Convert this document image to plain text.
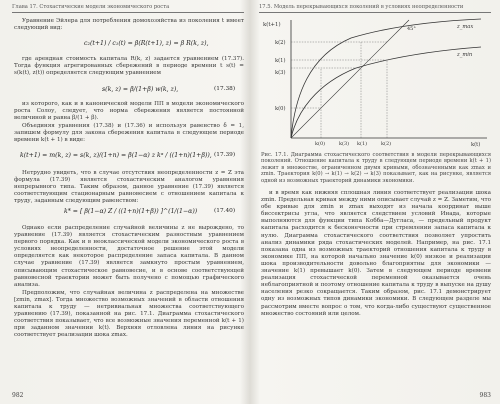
Глава 17. Стохастические модели экономического роста

Уравнение Эйлера для потребления домохозяйства из поколения t имеет следующий вид:

c₂(t+1) / c₁(t) = β(R(t+1), z) = β R(k, z),

где арендная стоимость капитала R(k, z) задается уравнением (17.37). Тогда функция агрегированных сбережений в периоде времени t s(t) = s(k(t), z(t)) определяется следующим уравнением

s(k, z) = β/(1+β) w(k, z),	(17.38)

из которого, как и в канонической модели ПП в модели экономического роста Солоу, следует, что норма сбережения является постоянной величиной и равна β/(1 + β).

Объединяя уравнения (17.38) и (17.36) и используя равенство δ = 1, запишем формулу для закона сбережения капитала в следующем периоде времени k(t + 1) в виде:

k(t+1) = m(k, z) = s(k, z)/(1+n) = β(1−α) z kᵅ / ((1+n)(1+β)), (17.39)

Нетрудно увидеть, что в случае отсутствия неопределенности z = Z эта формула (17.39) является стохастическим аналогом уравнения непрерывного типа. Таким образом, данное уравнение (17.39) является соответствующим стационарным равновесием с отношением капитала к труду, заданным следующим равенством:

k* = [ β(1−α) Z / ((1+n)(1+β)) ]^(1/(1−α))	(17.40)

Однако если распределение случайной величины z не вырождено, то уравнение (17.39) является стохастическим разностным уравнением первого порядка. Как и в неоклассической модели экономического роста в условиях неопределенности, достаточное решение этой модели определяется как некоторое распределение запаса капитала. В данном случае уравнение (17.39) является замкнуто простым уравнением, описывающим стохастическое равновесие, и в основе соответствующей равновесной траектории может быть получено с помощью графического анализа.

Предположим, что случайная величина z распределена на множестве [zmin, zmax]. Тогда множество возможных значений в области отношения капитала к труду — нетривиальная множества соответствующего уравнению (17.39), показанной на рис. 17.1. Диаграмма стохастического соответствия показывает, что все возможные значения переменной k(t + 1) при заданном значении k(t). Верхняя отловлена линия на рисунке соответствует реализации шока zmax.

982
17.5. Модель перекрывающихся поколений в условиях неопределенности
k(t+1)
k(2)
k(1)
k(3)
k(0)
k(0)	k(3) k(1)	k(2)	k(t)
z_max
z_min
45°
Рис. 17.1. Диаграмма стохастического соответствия в модели перекрывающихся поколений. Отношение капитала к труду в следующем периоде времени k(t + 1) лежит в множестве, ограниченном двумя кривыми, обозначенными как zmax и zmin. Траектория k(0) → k(1) → k(2) → k(3) показывает, как на рисунке, является одной из возможных траекторий динамики экономики.

и в время как нижняя сплошная линия соответствует реализации шока zmin. Предельная кривая между ними описывает случай z = Z. Заметим, что обе кривые для zmin и zmax выходят из начала координат выше биссектрисы угла, что является следствием условий Инада, которые выполняются для функции типа Кобба—Дугласа, — предельный продукт капитала расходится к бесконечности при стремлении запаса капитала к нулю. Диаграмма стохастического соответствия позволяет упростить анализ динамики ряда стохастических моделей. Например, на рис. 17.1 показана одна из возможных траекторий отношения капитала к труду в экономике ПП, на которой начально значение k(0) низкое и реализации шока производительности довольно благоприятны для экономики — значение k(1) превышает k(0). Затем в следующем периоде времени реализация стохастической переменной оказывается очень неблагоприятной и поэтому отношение капитала к труду в выпуске на душу населения резко сокращается. Таким образом, рис. 17.1 демонстрирует одну из возможных типов динамики экономики. В следующем разделе мы рассмотрим вместе вопрос о том, что когда-либо существуют существенное множество состояний или целом.

983
